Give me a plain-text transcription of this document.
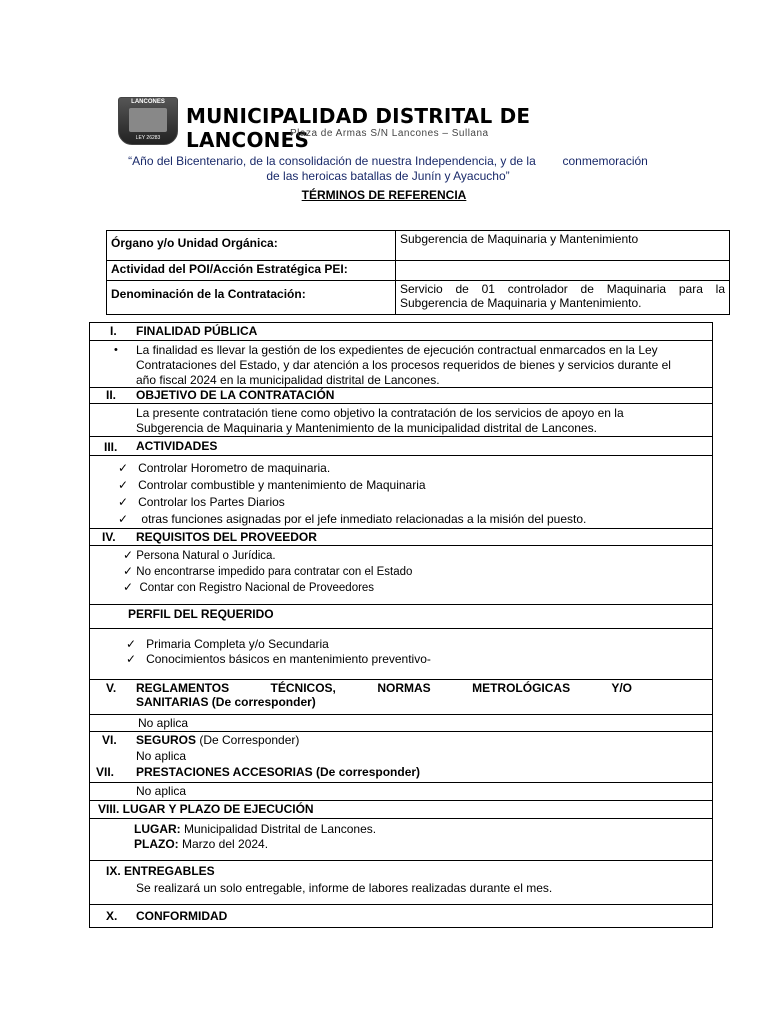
LANCONES
LEY 26283
MUNICIPALIDAD DISTRITAL DE LANCONES
Plaza de Armas S/N Lancones – Sullana
“Año del Bicentenario, de la consolidación de nuestra Independencia, y de la conmemoración
de las heroicas batallas de Junín y Ayacucho”
TÉRMINOS DE REFERENCIA
Órgano y/o Unidad Orgánica:	Subgerencia de Maquinaria y Mantenimiento
Actividad del POI/Acción Estratégica PEI:	
Denominación de la Contratación:	Servicio de 01 controlador de Maquinaria para la
Subgerencia de Maquinaria y Mantenimiento.
I. FINALIDAD PÚBLICA
• La finalidad es llevar la gestión de los expedientes de ejecución contractual enmarcados en la Ley
Contrataciones del Estado, y dar atención a los procesos requeridos de bienes y servicios durante el
año fiscal 2024 en la municipalidad distrital de Lancones.
II. OBJETIVO DE LA CONTRATACIÓN
La presente contratación tiene como objetivo la contratación de los servicios de apoyo en la
Subgerencia de Maquinaria y Mantenimiento de la municipalidad distrital de Lancones.
III. ACTIVIDADES
✓ Controlar Horometro de maquinaria.
✓ Controlar combustible y mantenimiento de Maquinaria
✓ Controlar los Partes Diarios
✓    otras funciones asignadas por el jefe inmediato relacionadas a la misión del puesto.
IV. REQUISITOS DEL PROVEEDOR
✓ Persona Natural o Jurídica.
✓ No encontrarse impedido para contratar con el Estado
✓  Contar con Registro Nacional de Proveedores
PERFIL DEL REQUERIDO
✓ Primaria Completa y/o Secundaria
✓ Conocimientos básicos en mantenimiento preventivo-
V. REGLAMENTOS TÉCNICOS, NORMAS METROLÓGICAS Y/O
SANITARIAS (De corresponder)
No aplica
VI. SEGUROS (De Corresponder)
No aplica
VII. PRESTACIONES ACCESORIAS (De corresponder)
No aplica
VIII. LUGAR Y PLAZO DE EJECUCIÓN
LUGAR: Municipalidad Distrital de Lancones.
PLAZO: Marzo del 2024.
IX. ENTREGABLES
Se realizará un solo entregable, informe de labores realizadas durante el mes.
X. CONFORMIDAD
